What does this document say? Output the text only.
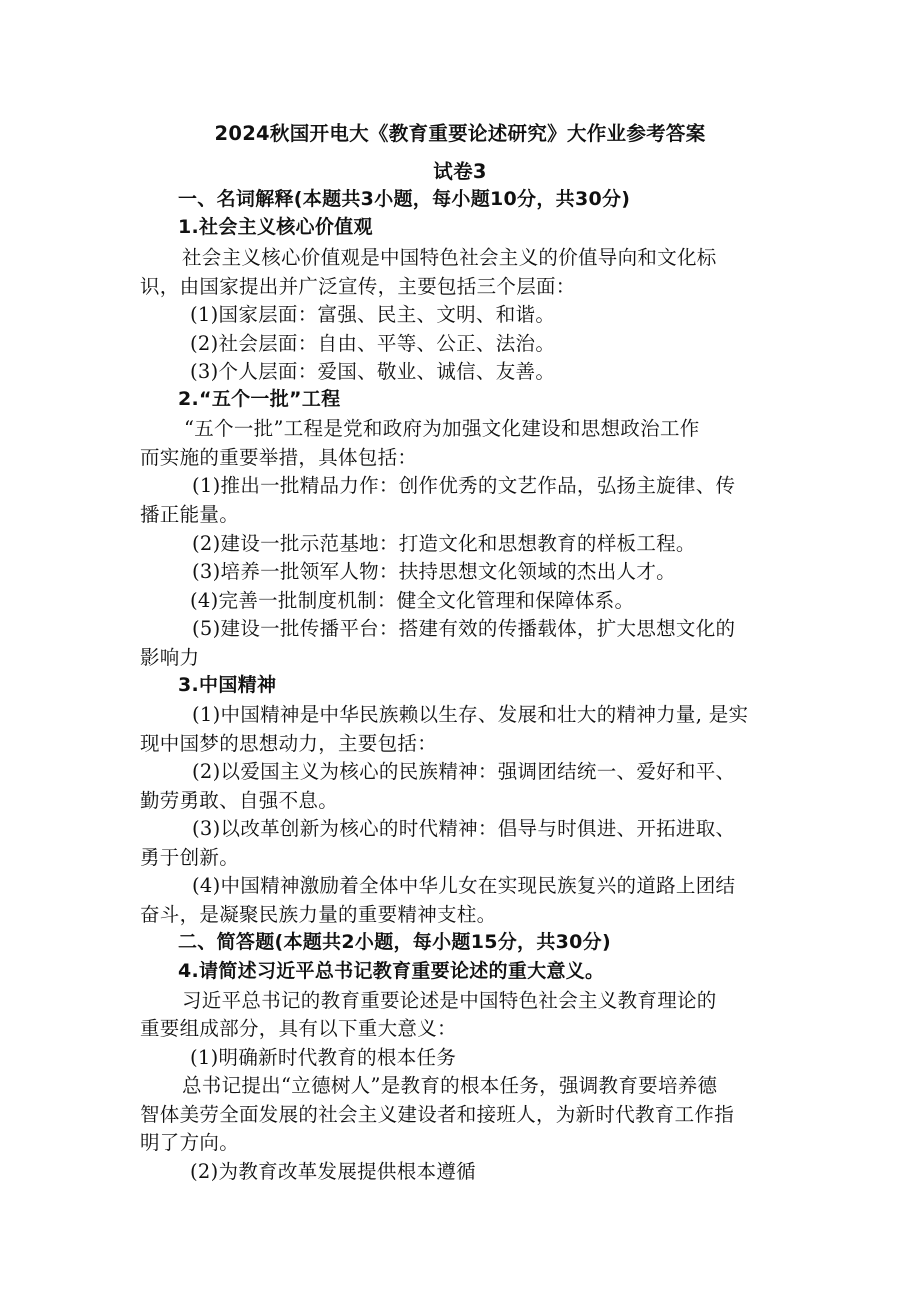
2024秋国开电大《教育重要论述研究》大作业参考答案
试卷3
一、名词解释(本题共3小题，每小题10分，共30分)
1.社会主义核心价值观
社会主义核心价值观是中国特色社会主义的价值导向和文化标
识，由国家提出并广泛宣传，主要包括三个层面：
(1)国家层面：富强、民主、文明、和谐。
(2)社会层面：自由、平等、公正、法治。
(3)个人层面：爱国、敬业、诚信、友善。
2.“五个一批”工程
“五个一批”工程是党和政府为加强文化建设和思想政治工作
而实施的重要举措，具体包括：
(1)推出一批精品力作：创作优秀的文艺作品，弘扬主旋律、传
播正能量。
(2)建设一批示范基地：打造文化和思想教育的样板工程。
(3)培养一批领军人物：扶持思想文化领域的杰出人才。
(4)完善一批制度机制：健全文化管理和保障体系。
(5)建设一批传播平台：搭建有效的传播载体，扩大思想文化的
影响力
3.中国精神
(1)中国精神是中华民族赖以生存、发展和壮大的精神力量, 是实
现中国梦的思想动力，主要包括：
(2)以爱国主义为核心的民族精神：强调团结统一、爱好和平、
勤劳勇敢、自强不息。
(3)以改革创新为核心的时代精神：倡导与时俱进、开拓进取、
勇于创新。
(4)中国精神激励着全体中华儿女在实现民族复兴的道路上团结
奋斗，是凝聚民族力量的重要精神支柱。
二、简答题(本题共2小题，每小题15分，共30分)
4.请简述习近平总书记教育重要论述的重大意义。
习近平总书记的教育重要论述是中国特色社会主义教育理论的
重要组成部分，具有以下重大意义：
(1)明确新时代教育的根本任务
总书记提出“立德树人”是教育的根本任务，强调教育要培养德
智体美劳全面发展的社会主义建设者和接班人，为新时代教育工作指
明了方向。
(2)为教育改革发展提供根本遵循
